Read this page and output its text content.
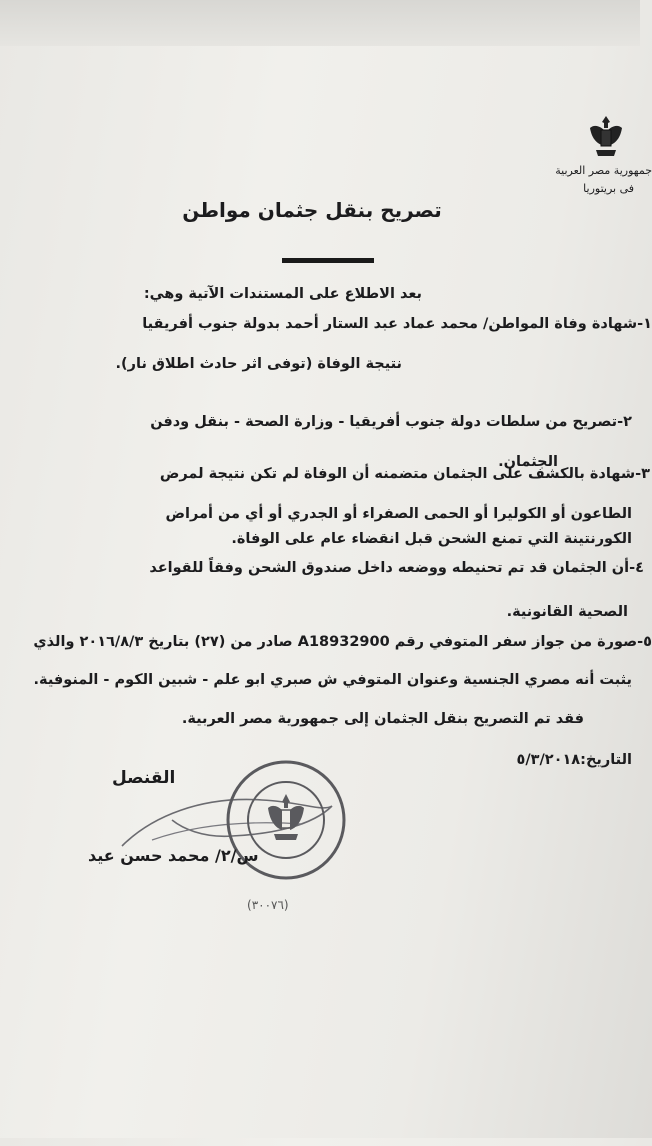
جمهورية مصر العربية
فى بريتوريا
تصريح بنقل جثمان مواطن
بعد الاطلاع على المستندات الآتية وهي:
١-شهادة وفاة المواطن/ محمد عماد عبد الستار أحمد بدولة جنوب أفريقيا
نتيجة الوفاة (توفى اثر حادث اطلاق نار).
٢-تصريح من سلطات دولة جنوب أفريقيا - وزارة الصحة - بنقل ودفن
الجثمان.
٣-شهادة بالكشف على الجثمان متضمنه أن الوفاة لم تكن نتيجة لمرض
الطاعون أو الكوليرا أو الحمى الصفراء أو الجدري أو أي من أمراض
الكورنتينة التي تمنع الشحن قبل انقضاء عام على الوفاة.
٤-أن الجثمان قد تم تحنيطه ووضعه داخل صندوق الشحن وفقاً للقواعد
الصحية القانونية.
٥-صورة من جواز سفر المتوفي رقم A18932900 صادر من (٢٧) بتاريخ ٢٠١٦/٨/٣ والذي
يثبت أنه مصري الجنسية وعنوان المتوفي ش صبري ابو علم - شبين الكوم - المنوفية.
فقد تم التصريح بنقل الجثمان إلى جمهورية مصر العربية.
التاريخ:٥/٣/٢٠١٨
القنصل
س/٢/ محمد حسن عيد
(٣٠٠٧٦)
